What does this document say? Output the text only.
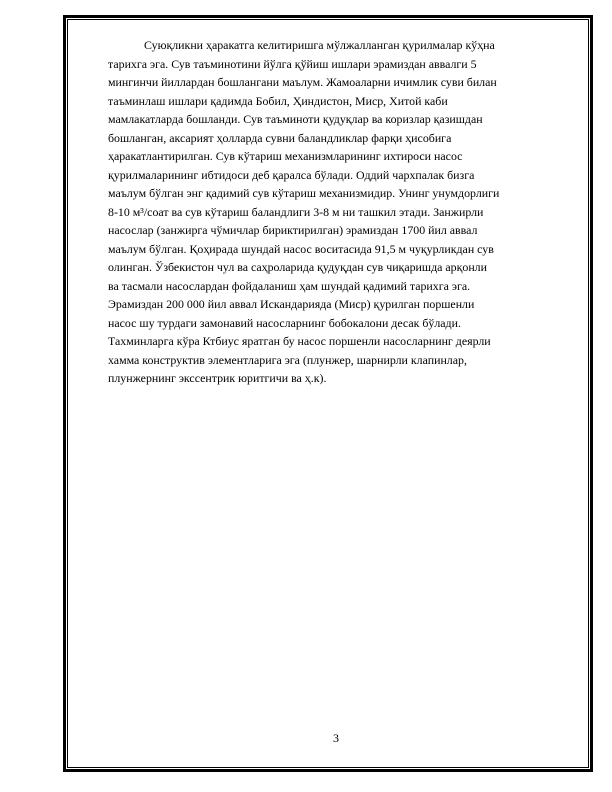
Суюқликни ҳаракатга келитиришга мўлжалланган қурилмалар кўҳна
тарихга эга. Сув таъминотини йўлга қўйиш ишлари эрамиздан аввалги 5
мингинчи йиллардан бошлангани маълум. Жамоаларни ичимлик суви билан
таъминлаш ишлари қадимда Бобил, Ҳиндистон, Миср, Хитой каби
мамлакатларда бошланди. Сув таъминоти қудуқлар ва коризлар қазишдан
бошланган, аксарият ҳолларда сувни баландликлар фарқи ҳисобига
ҳаракатлантирилган. Сув кўтариш механизмларининг ихтироси насос
қурилмаларининг ибтидоси деб қаралса бўлади. Оддий чархпалак бизга
маълум бўлган энг қадимий сув кўтариш механизмидир. Унинг унумдорлиги
8-10 м³/соат ва сув кўтариш баландлиги 3-8 м ни ташкил этади. Занжирли
насослар (занжирга чўмичлар бириктирилган) эрамиздан 1700 йил аввал
маълум бўлган. Қоҳирада шундай насос воситасида 91,5 м чуқурликдан сув
олинган. Ўзбекистон чул ва саҳроларида қудуқдан сув чиқаришда арқонли
ва тасмали насослардан фойдаланиш ҳам шундай қадимий тарихга эга.
Эрамиздан 200 000 йил аввал Искандарияда (Миср) қурилган поршенли
насос шу турдаги замонавий насосларнинг бобокалони десак бўлади.
Тахминларга кўра Ктбиус яратган бу насос поршенли насосларнинг деярли
хамма конструктив элементларига эга (плунжер, шарнирли клапинлар,
плунжернинг экссентрик юритгичи ва ҳ.к).

3
